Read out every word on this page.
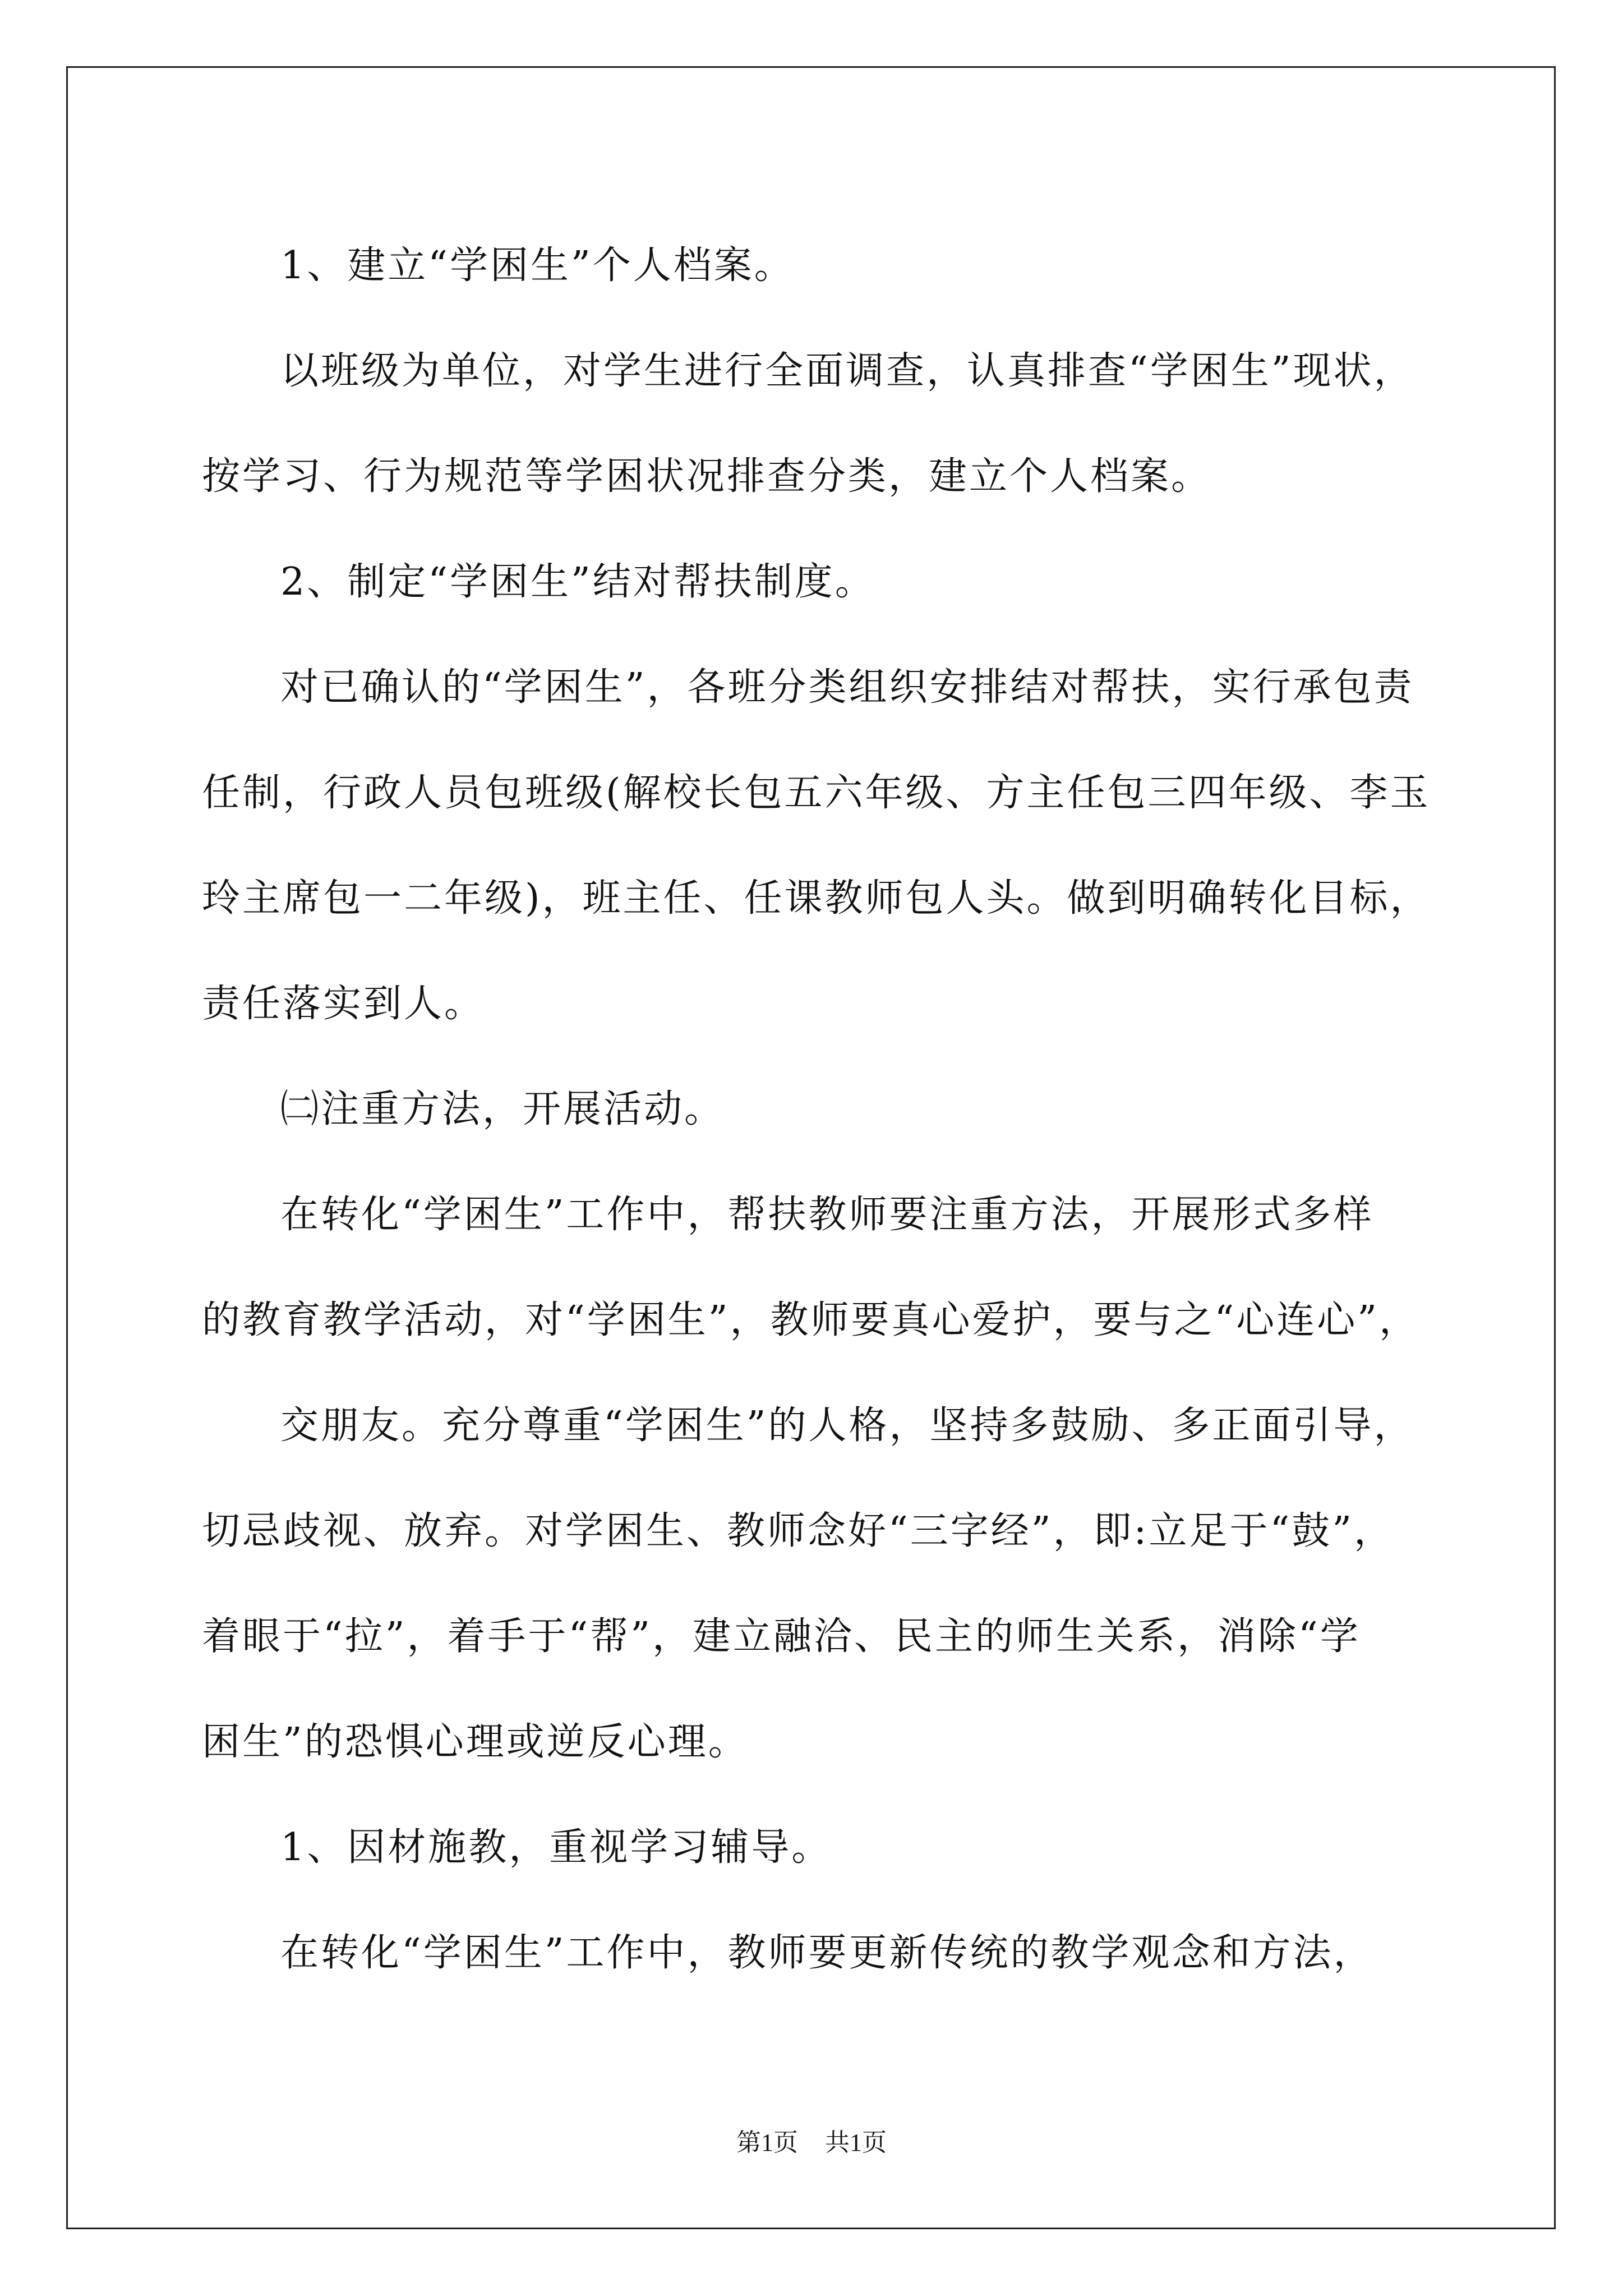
1、建立“学困生”个人档案。

以班级为单位，对学生进行全面调查，认真排查“学困生”现状，

按学习、行为规范等学困状况排查分类，建立个人档案。

2、制定“学困生”结对帮扶制度。

对已确认的“学困生”，各班分类组织安排结对帮扶，实行承包责

任制，行政人员包班级(解校长包五六年级、方主任包三四年级、李玉

玲主席包一二年级)，班主任、任课教师包人头。做到明确转化目标，

责任落实到人。

㈡注重方法，开展活动。

在转化“学困生”工作中，帮扶教师要注重方法，开展形式多样

的教育教学活动，对“学困生”，教师要真心爱护，要与之“心连心”，

交朋友。充分尊重“学困生”的人格，坚持多鼓励、多正面引导，

切忌歧视、放弃。对学困生、教师念好“三字经”，即:立足于“鼓”，

着眼于“拉”，着手于“帮”，建立融洽、民主的师生关系，消除“学

困生”的恐惧心理或逆反心理。

1、因材施教，重视学习辅导。

在转化“学困生”工作中，教师要更新传统的教学观念和方法，

第1页 共1页
